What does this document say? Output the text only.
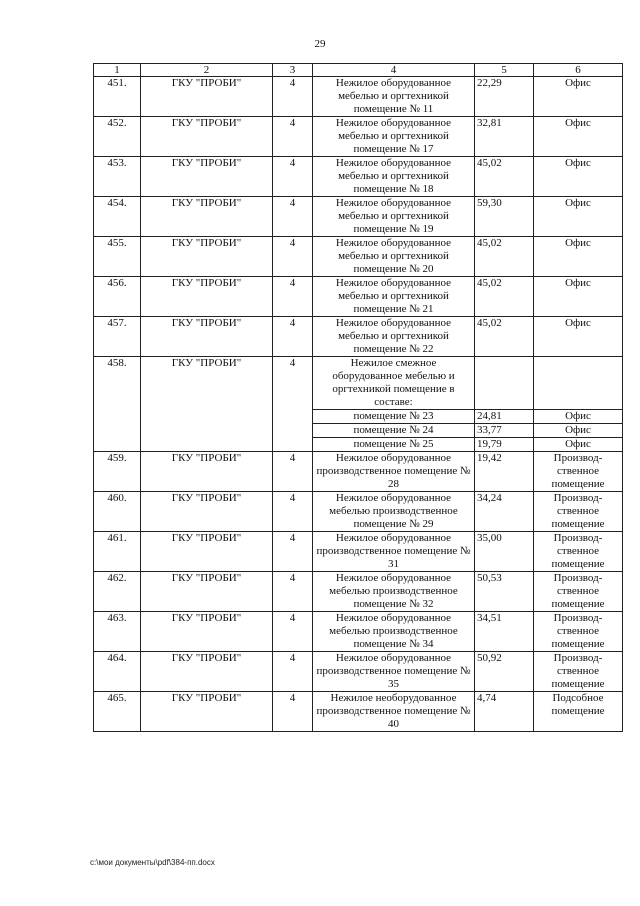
29
1	2	3	4	5	6
451.	ГКУ "ПРОБИ"	4	Нежилое оборудованное мебелью и оргтехникой помещение № 11	22,29	Офис
452.	ГКУ "ПРОБИ"	4	Нежилое оборудованное мебелью и оргтехникой помещение № 17	32,81	Офис
453.	ГКУ "ПРОБИ"	4	Нежилое оборудованное мебелью и оргтехникой помещение № 18	45,02	Офис
454.	ГКУ "ПРОБИ"	4	Нежилое оборудованное мебелью и оргтехникой помещение № 19	59,30	Офис
455.	ГКУ "ПРОБИ"	4	Нежилое оборудованное мебелью и оргтехникой помещение № 20	45,02	Офис
456.	ГКУ "ПРОБИ"	4	Нежилое оборудованное мебелью и оргтехникой помещение № 21	45,02	Офис
457.	ГКУ "ПРОБИ"	4	Нежилое оборудованное мебелью и оргтехникой помещение № 22	45,02	Офис
458.	ГКУ "ПРОБИ"	4	Нежилое смежное оборудованное мебелью и оргтехникой помещение в составе:		
			помещение № 23	24,81	Офис
			помещение № 24	33,77	Офис
			помещение № 25	19,79	Офис
459.	ГКУ "ПРОБИ"	4	Нежилое оборудованное производственное помещение № 28	19,42	Производ-ственное помещение
460.	ГКУ "ПРОБИ"	4	Нежилое оборудованное мебелью производственное помещение № 29	34,24	Производ-ственное помещение
461.	ГКУ "ПРОБИ"	4	Нежилое оборудованное производственное помещение № 31	35,00	Производ-ственное помещение
462.	ГКУ "ПРОБИ"	4	Нежилое оборудованное мебелью производственное помещение № 32	50,53	Производ-ственное помещение
463.	ГКУ "ПРОБИ"	4	Нежилое оборудованное мебелью производственное помещение № 34	34,51	Производ-ственное помещение
464.	ГКУ "ПРОБИ"	4	Нежилое оборудованное производственное помещение № 35	50,92	Производ-ственное помещение
465.	ГКУ "ПРОБИ"	4	Нежилое необорудованное производственное помещение № 40	4,74	Подсобное помещение
c:\мои документы\pdf\384-пп.docx
